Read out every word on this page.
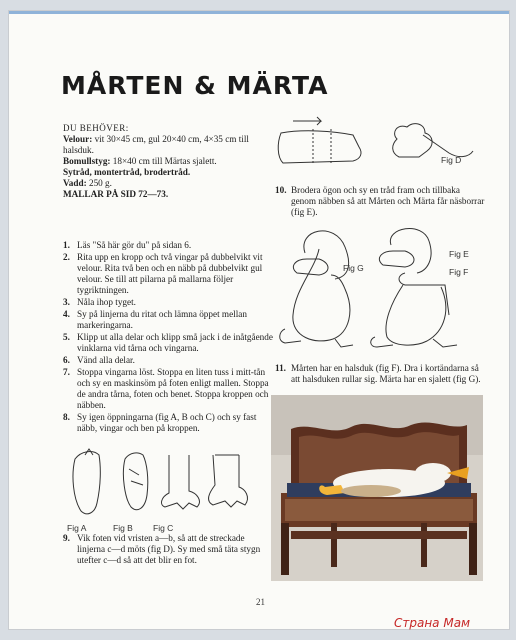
MÅRTEN & MÄRTA
DU BEHÖVER:

Velour: vit 30×45 cm, gul 20×40 cm, 4×35 cm till halsduk.

Bomullstyg: 18×40 cm till Märtas sjalett.

Sytråd, montertråd, brodertråd.

Vadd: 250 g.

MALLAR PÅ SID 72—73.

1. Läs "Så här gör du" på sidan 6.
2. Rita upp en kropp och två vingar på dubbelvikt vit velour. Rita två ben och en näbb på dubbelvikt gul velour. Se till att pilarna på mallarna följer tygriktningen.
3. Nåla ihop tyget.
4. Sy på linjerna du ritat och lämna öppet mellan markeringarna.
5. Klipp ut alla delar och klipp små jack i de inåtgående vinklarna vid tårna och vingarna.
6. Vänd alla delar.
7. Stoppa vingarna löst. Stoppa en liten tuss i mitt-tån och sy en maskinsöm på foten enligt mallen. Stoppa de andra tårna, foten och benet. Stoppa kroppen och näbben.
8. Sy igen öppningarna (fig A, B och C) och sy fast näbb, vingar och ben på kroppen.
Fig A	Fig B Fig C
9. Vik foten vid vristen a—b, så att de streckade linjerna c—d möts (fig D). Sy med små täta stygn utefter c—d så att det blir en fot.
Fig D
10. Brodera ögon och sy en tråd fram och tillbaka genom näbben så att Mårten och Märta får näsborrar (fig E).
Fig G
Fig E
Fig F
11. Mårten har en halsduk (fig F). Dra i kortändarna så att halsduken rullar sig. Märta har en sjalett (fig G).
21
Страна Мам
